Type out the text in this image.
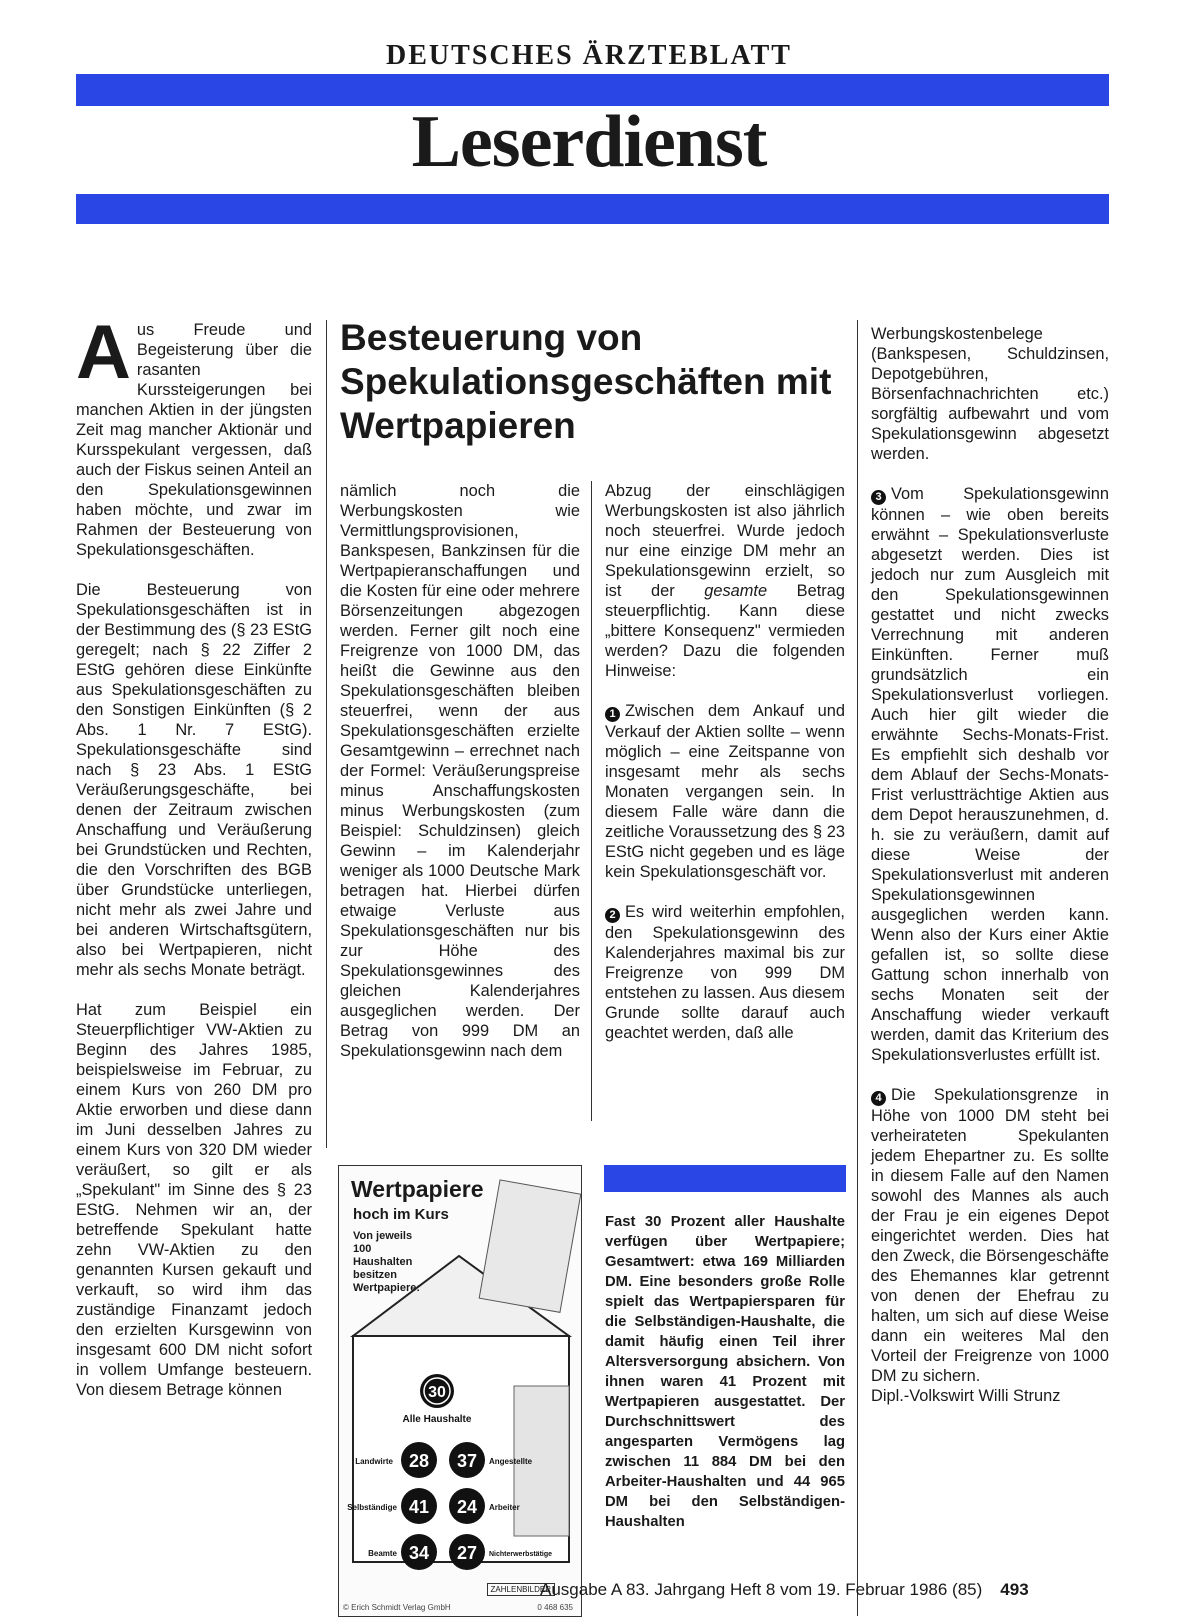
DEUTSCHES ÄRZTEBLATT
Leserdienst
Besteuerung von Spekulationsgeschäften mit Wertpapieren

Aus Freude und Begeisterung über die rasanten Kurssteigerungen bei manchen Aktien in der jüngsten Zeit mag mancher Aktionär und Kursspekulant vergessen, daß auch der Fiskus seinen Anteil an den Spekulationsgewinnen haben möchte, und zwar im Rahmen der Besteuerung von Spekulationsgeschäften.

Die Besteuerung von Spekulationsgeschäften ist in der Bestimmung des (§ 23 EStG geregelt; nach § 22 Ziffer 2 EStG gehören diese Einkünfte aus Spekulationsgeschäften zu den Sonstigen Einkünften (§ 2 Abs. 1 Nr. 7 EStG). Spekulationsgeschäfte sind nach § 23 Abs. 1 EStG Veräußerungsgeschäfte, bei denen der Zeitraum zwischen Anschaffung und Veräußerung bei Grundstücken und Rechten, die den Vorschriften des BGB über Grundstücke unterliegen, nicht mehr als zwei Jahre und bei anderen Wirtschaftsgütern, also bei Wertpapieren, nicht mehr als sechs Monate beträgt.

Hat zum Beispiel ein Steuerpflichtiger VW-Aktien zu Beginn des Jahres 1985, beispielsweise im Februar, zu einem Kurs von 260 DM pro Aktie erworben und diese dann im Juni desselben Jahres zu einem Kurs von 320 DM wieder veräußert, so gilt er als „Spekulant" im Sinne des § 23 EStG. Nehmen wir an, der betreffende Spekulant hatte zehn VW-Aktien zu den genannten Kursen gekauft und verkauft, so wird ihm das zuständige Finanzamt jedoch den erzielten Kursgewinn von insgesamt 600 DM nicht sofort in vollem Umfange besteuern. Von diesem Betrage können

nämlich noch die Werbungskosten wie Vermittlungsprovisionen, Bankspesen, Bankzinsen für die Wertpapieranschaffungen und die Kosten für eine oder mehrere Börsenzeitungen abgezogen werden. Ferner gilt noch eine Freigrenze von 1000 DM, das heißt die Gewinne aus den Spekulationsgeschäften bleiben steuerfrei, wenn der aus Spekulationsgeschäften erzielte Gesamtgewinn – errechnet nach der Formel: Veräußerungspreise minus Anschaffungskosten minus Werbungskosten (zum Beispiel: Schuldzinsen) gleich Gewinn – im Kalenderjahr weniger als 1000 Deutsche Mark betragen hat. Hierbei dürfen etwaige Verluste aus Spekulationsgeschäften nur bis zur Höhe des Spekulationsgewinnes des gleichen Kalenderjahres ausgeglichen werden. Der Betrag von 999 DM an Spekulationsgewinn nach dem

Abzug der einschlägigen Werbungskosten ist also jährlich noch steuerfrei. Wurde jedoch nur eine einzige DM mehr an Spekulationsgewinn erzielt, so ist der gesamte Betrag steuerpflichtig. Kann diese „bittere Konsequenz" vermieden werden? Dazu die folgenden Hinweise:

1 Zwischen dem Ankauf und Verkauf der Aktien sollte – wenn möglich – eine Zeitspanne von insgesamt mehr als sechs Monaten vergangen sein. In diesem Falle wäre dann die zeitliche Voraussetzung des § 23 EStG nicht gegeben und es läge kein Spekulationsgeschäft vor.

2 Es wird weiterhin empfohlen, den Spekulationsgewinn des Kalenderjahres maximal bis zur Freigrenze von 999 DM entstehen zu lassen. Aus diesem Grunde sollte darauf auch geachtet werden, daß alle

Werbungskostenbelege (Bankspesen, Schuldzinsen, Depotgebühren, Börsenfachnachrichten etc.) sorgfältig aufbewahrt und vom Spekulationsgewinn abgesetzt werden.

3 Vom Spekulationsgewinn können – wie oben bereits erwähnt – Spekulationsverluste abgesetzt werden. Dies ist jedoch nur zum Ausgleich mit den Spekulationsgewinnen gestattet und nicht zwecks Verrechnung mit anderen Einkünften. Ferner muß grundsätzlich ein Spekulationsverlust vorliegen. Auch hier gilt wieder die erwähnte Sechs-Monats-Frist. Es empfiehlt sich deshalb vor dem Ablauf der Sechs-Monats-Frist verlustträchtige Aktien aus dem Depot herauszunehmen, d. h. sie zu veräußern, damit auf diese Weise der Spekulationsverlust mit anderen Spekulationsgewinnen ausgeglichen werden kann. Wenn also der Kurs einer Aktie gefallen ist, so sollte diese Gattung schon innerhalb von sechs Monaten seit der Anschaffung wieder verkauft werden, damit das Kriterium des Spekulationsverlustes erfüllt ist.

4 Die Spekulationsgrenze in Höhe von 1000 DM steht bei verheirateten Spekulanten jedem Ehepartner zu. Es sollte in diesem Falle auf den Namen sowohl des Mannes als auch der Frau je ein eigenes Depot eingerichtet werden. Dies hat den Zweck, die Börsengeschäfte des Ehemannes klar getrennt von denen der Ehefrau zu halten, um sich auf diese Weise dann ein weiteres Mal den Vorteil der Freigrenze von 1000 DM zu sichern.
Dipl.-Volkswirt Willi Strunz

30
Alle Haushalte
28
Landwirte	37 Angestellte
41
Selbständige	24 Arbeiter
34
Beamte	27 Nichterwerbstätige
Wertpapiere
hoch im Kurs
Von jeweils 100 Haushalten besitzen Wertpapiere:
ZAHLENBILDER
© Erich Schmidt Verlag GmbH	0 468 635
Fast 30 Prozent aller Haushalte verfügen über Wertpapiere; Gesamtwert: etwa 169 Milliarden DM. Eine besonders große Rolle spielt das Wertpapiersparen für die Selbständigen-Haushalte, die damit häufig einen Teil ihrer Altersversorgung absichern. Von ihnen waren 41 Prozent mit Wertpapieren ausgestattet. Der Durchschnittswert des angesparten Vermögens lag zwischen 11 884 DM bei den Arbeiter-Haushalten und 44 965 DM bei den Selbständigen-Haushalten
Ausgabe A 83. Jahrgang Heft 8 vom 19. Februar 1986 (85) 493
